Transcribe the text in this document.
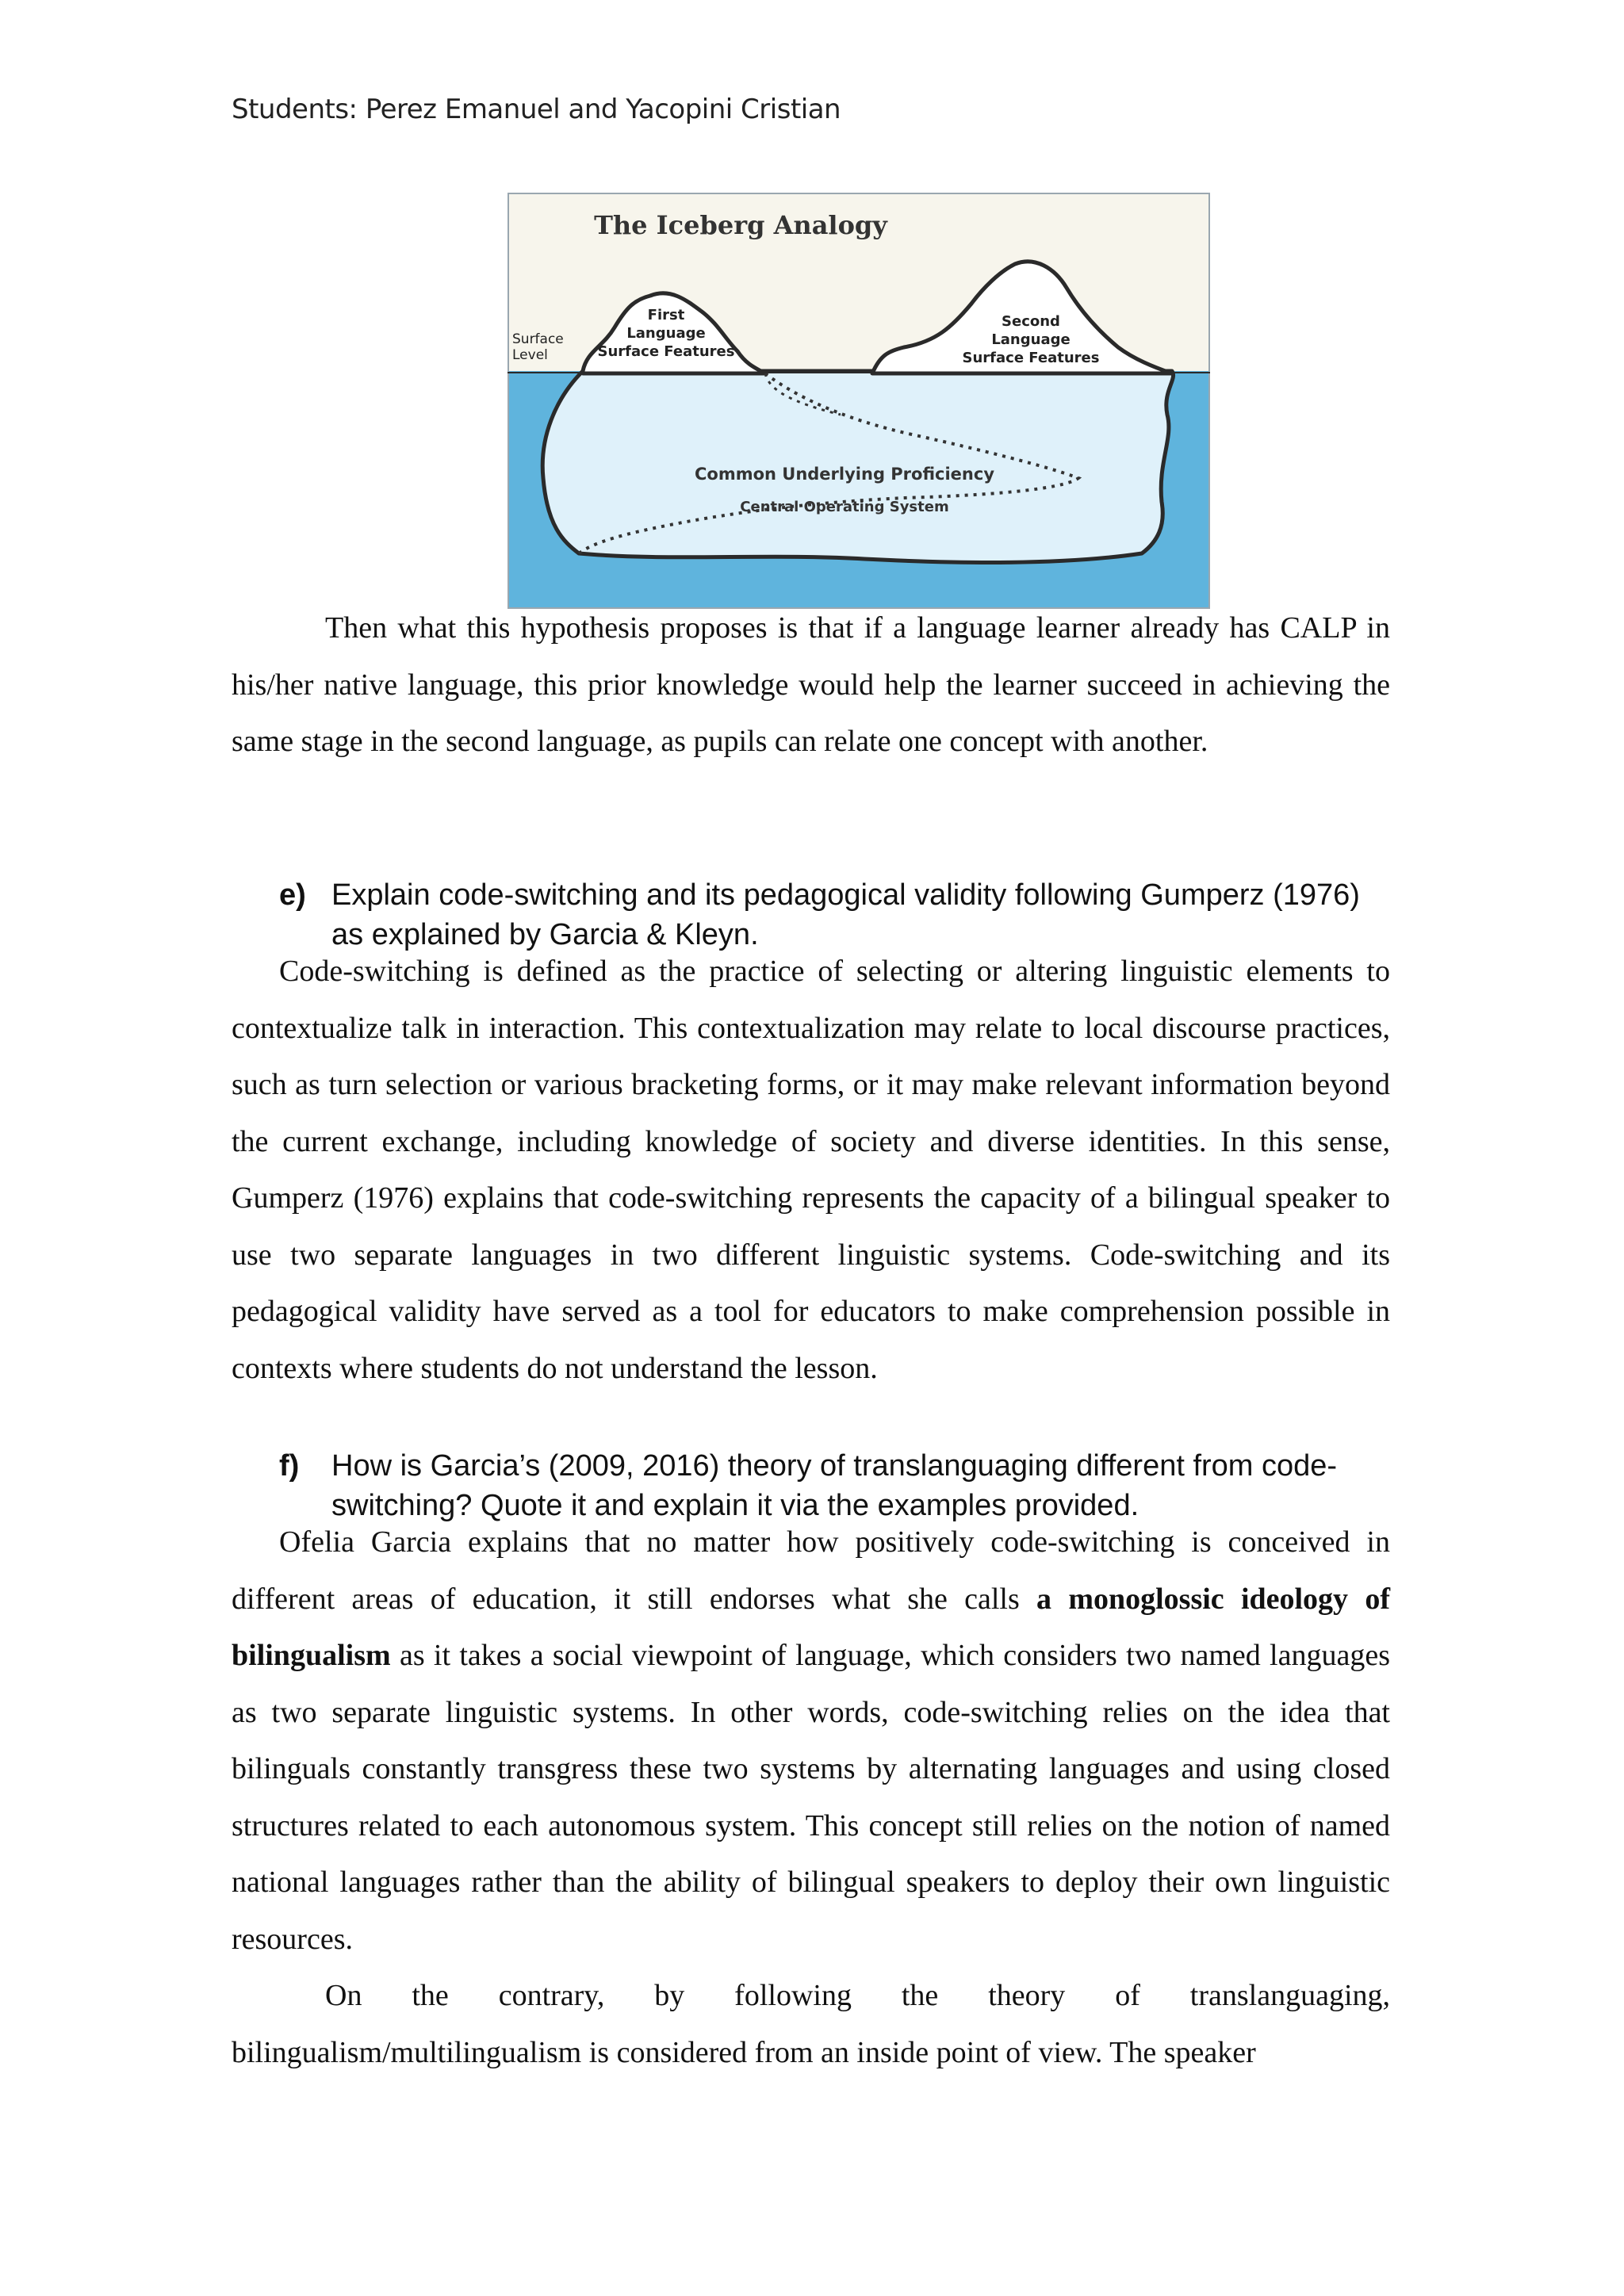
Students: Perez Emanuel and Yacopini Cristian
The Iceberg Analogy
Surface
Level
First
Language
Surface Features
Second
Language
Surface Features
Common Underlying Proficiency
Central Operating System

Then what this hypothesis proposes is that if a language learner already has CALP in his/her native language, this prior knowledge would help the learner succeed in achieving the same stage in the second language, as pupils can relate one concept with another.

e) Explain code-switching and its pedagogical validity following Gumperz (1976) as explained by Garcia & Kleyn.

Code-switching is defined as the practice of selecting or altering linguistic elements to contextualize talk in interaction. This contextualization may relate to local discourse practices, such as turn selection or various bracketing forms, or it may make relevant information beyond the current exchange, including knowledge of society and diverse identities. In this sense, Gumperz (1976) explains that code-switching represents the capacity of a bilingual speaker to use two separate languages in two different linguistic systems. Code-switching and its pedagogical validity have served as a tool for educators to make comprehension possible in contexts where students do not understand the lesson.

f) How is Garcia’s (2009, 2016) theory of translanguaging different from code-switching? Quote it and explain it via the examples provided.

Ofelia Garcia explains that no matter how positively code-switching is conceived in different areas of education, it still endorses what she calls a monoglossic ideology of bilingualism as it takes a social viewpoint of language, which considers two named languages as two separate linguistic systems. In other words, code-switching relies on the idea that bilinguals constantly transgress these two systems by alternating languages and using closed structures related to each autonomous system. This concept still relies on the notion of named national languages rather than the ability of bilingual speakers to deploy their own linguistic resources.

On the contrary, by following the theory of translanguaging, bilingualism/multilingualism is considered from an inside point of view. The speaker
